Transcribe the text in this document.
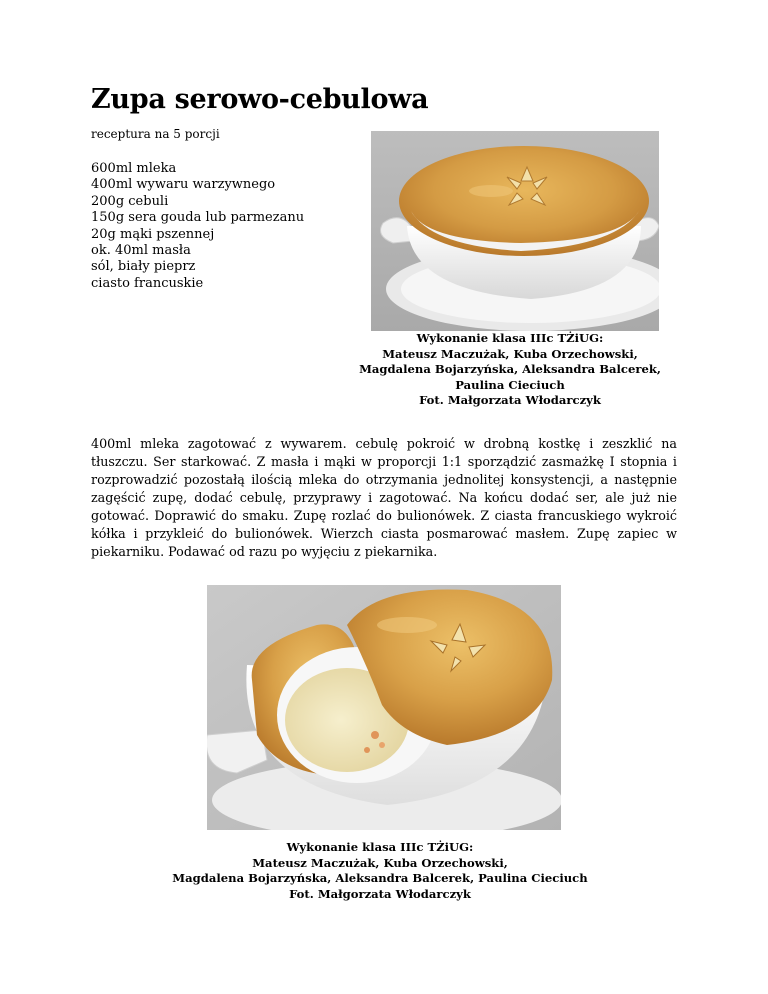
Zupa serowo-cebulowa
receptura na 5 porcji
600ml mleka
400ml wywaru warzywnego
200g cebuli
150g sera gouda lub parmezanu
20g mąki pszennej
ok. 40ml masła
sól, biały pieprz
ciasto francuskie
Wykonanie klasa IIIc TŻiUG:
Mateusz Maczużak, Kuba Orzechowski,
Magdalena Bojarzyńska, Aleksandra Balcerek,
Paulina Cieciuch
Fot. Małgorzata Włodarczyk

400ml mleka zagotować z wywarem. cebulę pokroić w drobną kostkę i zeszklić na tłuszczu. Ser starkować. Z masła i mąki w proporcji 1:1 sporządzić zasmażkę I stopnia i rozprowadzić pozostałą ilością mleka do otrzymania jednolitej konsystencji, a następnie zagęścić zupę, dodać cebulę, przyprawy i zagotować. Na końcu dodać ser, ale już nie gotować. Doprawić do smaku. Zupę rozlać do bulionówek. Z ciasta francuskiego wykroić kółka i przykleić do bulionówek. Wierzch ciasta posmarować masłem. Zupę zapiec w piekarniku. Podawać od razu po wyjęciu z piekarnika.

Wykonanie klasa IIIc TŻiUG:
Mateusz Maczużak, Kuba Orzechowski,
Magdalena Bojarzyńska, Aleksandra Balcerek, Paulina Cieciuch
Fot. Małgorzata Włodarczyk
